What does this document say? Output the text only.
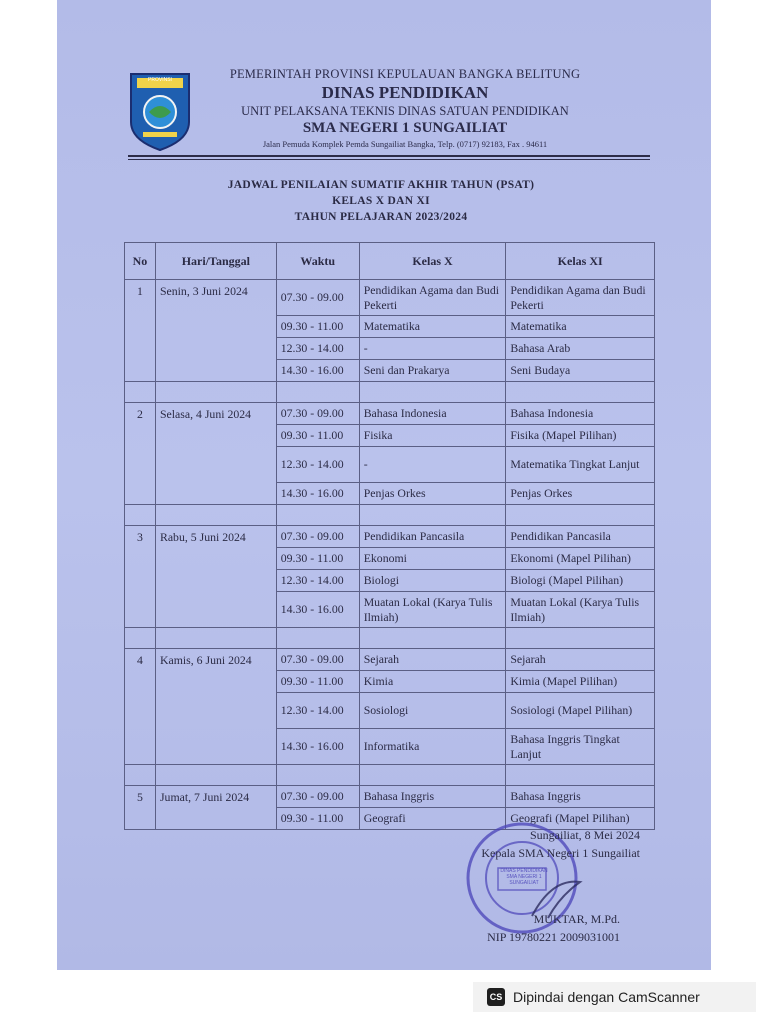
PROVINSI	PEMERINTAH PROVINSI KEPULAUAN BANGKA BELITUNG
DINAS PENDIDIKAN
UNIT PELAKSANA TEKNIS DINAS SATUAN PENDIDIKAN
SMA NEGERI 1 SUNGAILIAT
Jalan Pemuda Komplek Pemda Sungailiat Bangka, Telp. (0717) 92183, Fax . 94611
JADWAL PENILAIAN SUMATIF AKHIR TAHUN (PSAT)
KELAS X DAN XI
TAHUN PELAJARAN 2023/2024
No	Hari/Tanggal	Waktu	Kelas X	Kelas XI
1	Senin, 3 Juni 2024	07.30 - 09.00	Pendidikan Agama dan Budi Pekerti	Pendidikan Agama dan Budi Pekerti
		09.30 - 11.00	Matematika	Matematika
		12.30 - 14.00	-	Bahasa Arab
		14.30 - 16.00	Seni dan Prakarya	Seni Budaya

2	Selasa, 4 Juni 2024	07.30 - 09.00	Bahasa Indonesia	Bahasa Indonesia
		09.30 - 11.00	Fisika	Fisika (Mapel Pilihan)
		12.30 - 14.00	-	Matematika Tingkat Lanjut
		14.30 - 16.00	Penjas Orkes	Penjas Orkes

3	Rabu, 5 Juni 2024	07.30 - 09.00	Pendidikan Pancasila	Pendidikan Pancasila
		09.30 - 11.00	Ekonomi	Ekonomi (Mapel Pilihan)
		12.30 - 14.00	Biologi	Biologi (Mapel Pilihan)
		14.30 - 16.00	Muatan Lokal (Karya Tulis Ilmiah)	Muatan Lokal (Karya Tulis Ilmiah)

4	Kamis, 6 Juni 2024	07.30 - 09.00	Sejarah	Sejarah
		09.30 - 11.00	Kimia	Kimia (Mapel Pilihan)
		12.30 - 14.00	Sosiologi	Sosiologi (Mapel Pilihan)
		14.30 - 16.00	Informatika	Bahasa Inggris Tingkat Lanjut

5	Jumat, 7 Juni 2024	07.30 - 09.00	Bahasa Inggris	Bahasa Inggris
		09.30 - 11.00	Geografi	Geografi (Mapel Pilihan)
DINAS PENDIDIKAN SMA NEGERI 1 SUNGAILIAT
Sungailiat, 8 Mei 2024
Kepala SMA Negeri 1 Sungailiat
MUKTAR, M.Pd.
NIP 19780221 2009031001
CS Dipindai dengan CamScanner
